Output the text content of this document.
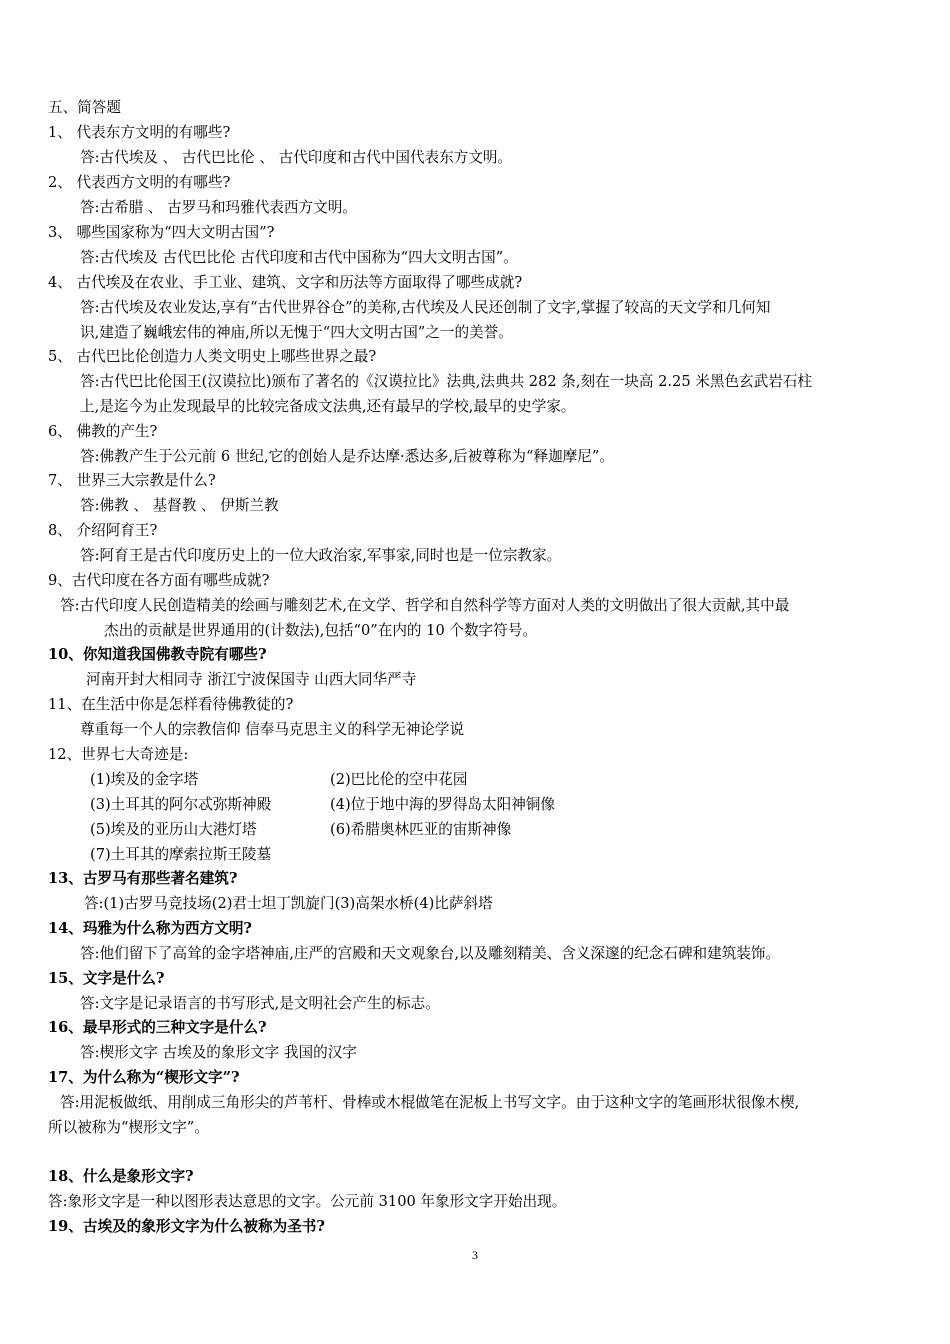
五、简答题
1、 代表东方文明的有哪些?
答:古代埃及 、 古代巴比伦 、 古代印度和古代中国代表东方文明。
2、 代表西方文明的有哪些?
答:古希腊 、 古罗马和玛雅代表西方文明。
3、 哪些国家称为“四大文明古国”?
答:古代埃及 古代巴比伦 古代印度和古代中国称为“四大文明古国”。
4、 古代埃及在农业、手工业、建筑、文字和历法等方面取得了哪些成就?
答:古代埃及农业发达,享有“古代世界谷仓”的美称,古代埃及人民还创制了文字,掌握了较高的天文学和几何知
识,建造了巍峨宏伟的神庙,所以无愧于“四大文明古国”之一的美誉。
5、 古代巴比伦创造力人类文明史上哪些世界之最?
答:古代巴比伦国王(汉谟拉比)颁布了著名的《汉谟拉比》法典,法典共 282 条,刻在一块高 2.25 米黑色玄武岩石柱
上,是迄今为止发现最早的比较完备成文法典,还有最早的学校,最早的史学家。
6、 佛教的产生?
答:佛教产生于公元前 6 世纪,它的创始人是乔达摩·悉达多,后被尊称为“释迦摩尼”。
7、 世界三大宗教是什么?
答:佛教 、 基督教 、 伊斯兰教
8、 介绍阿育王?
答:阿育王是古代印度历史上的一位大政治家,军事家,同时也是一位宗教家。
9、古代印度在各方面有哪些成就?
答:古代印度人民创造精美的绘画与雕刻艺术,在文学、哲学和自然科学等方面对人类的文明做出了很大贡献,其中最
杰出的贡献是世界通用的(计数法),包括“0”在内的 10 个数字符号。
10、你知道我国佛教寺院有哪些?
河南开封大相同寺 浙江宁波保国寺 山西大同华严寺
11、在生活中你是怎样看待佛教徒的?
尊重每一个人的宗教信仰 信奉马克思主义的科学无神论学说
12、世界七大奇迹是:
(1)埃及的金字塔	(2)巴比伦的空中花园
(3)土耳其的阿尔忒弥斯神殿	(4)位于地中海的罗得岛太阳神铜像
(5)埃及的亚历山大港灯塔	(6)希腊奥林匹亚的宙斯神像
(7)土耳其的摩索拉斯王陵墓
13、古罗马有那些著名建筑?
答:(1)古罗马竞技场(2)君士坦丁凯旋门(3)高架水桥(4)比萨斜塔
14、玛雅为什么称为西方文明?
答:他们留下了高耸的金字塔神庙,庄严的宫殿和天文观象台,以及雕刻精美、含义深邃的纪念石碑和建筑装饰。
15、文字是什么?
答:文字是记录语言的书写形式,是文明社会产生的标志。
16、最早形式的三种文字是什么?
答:楔形文字 古埃及的象形文字 我国的汉字
17、为什么称为“楔形文字”?
答:用泥板做纸、用削成三角形尖的芦苇杆、骨棒或木棍做笔在泥板上书写文字。由于这种文字的笔画形状很像木楔,
所以被称为“楔形文字”。
18、什么是象形文字?
答:象形文字是一种以图形表达意思的文字。公元前 3100 年象形文字开始出现。
19、古埃及的象形文字为什么被称为圣书?
3
